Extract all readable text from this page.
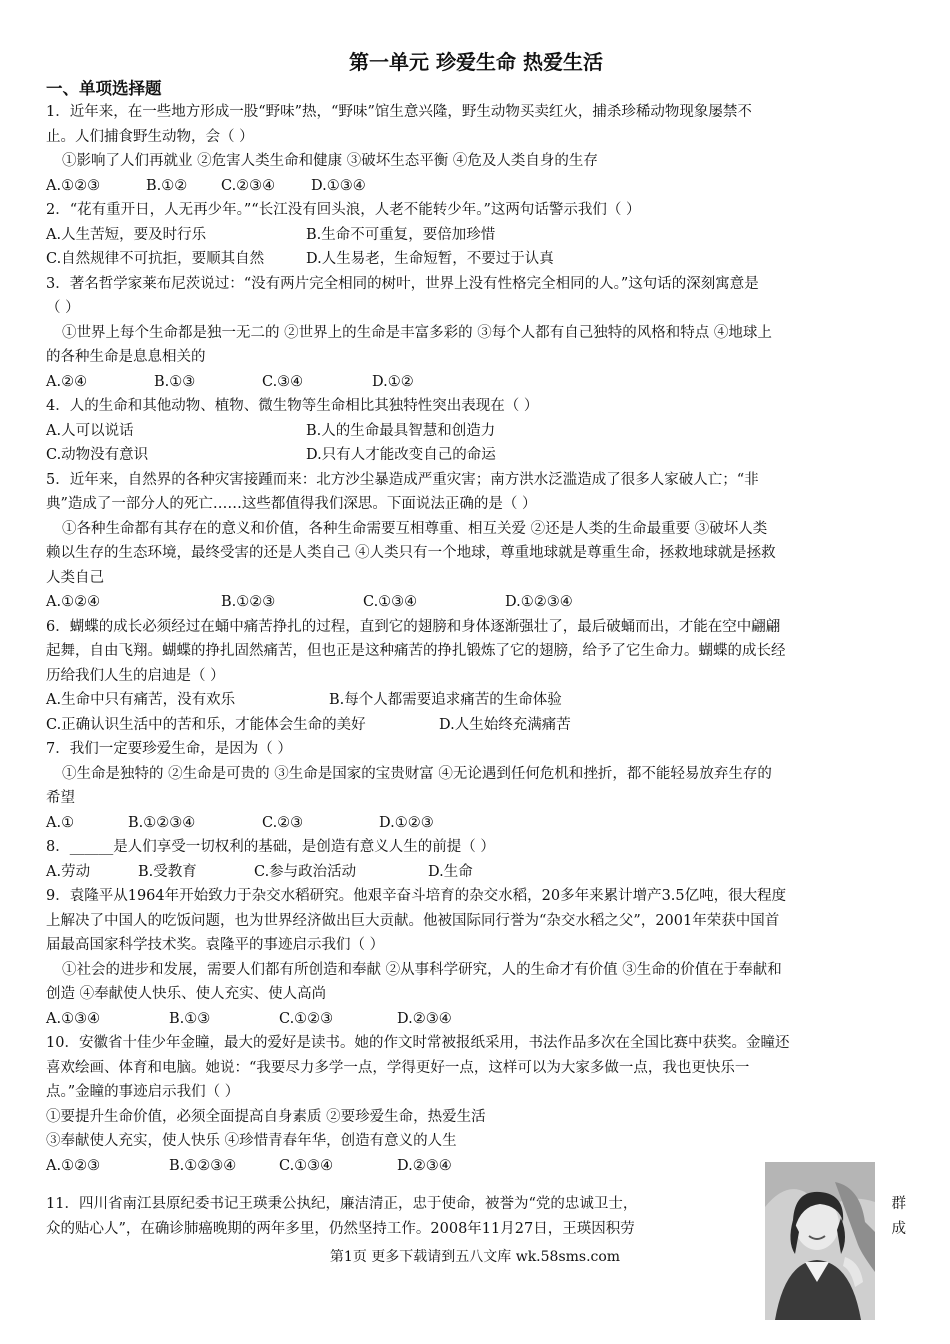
第一单元 珍爱生命 热爱生活
一、单项选择题
1．近年来，在一些地方形成一股“野味”热，“野味”馆生意兴隆，野生动物买卖红火，捕杀珍稀动物现象屡禁不
止。人们捕食野生动物，会（ ）
①影响了人们再就业 ②危害人类生命和健康 ③破坏生态平衡 ④危及人类自身的生存
A.①②③	B.①②	C.②③④	D.①③④
2．“花有重开日，人无再少年。”“长江没有回头浪，人老不能转少年。”这两句话警示我们（ ）
A.人生苦短，要及时行乐	B.生命不可重复，要倍加珍惜
C.自然规律不可抗拒，要顺其自然	D.人生易老，生命短暂，不要过于认真
3．著名哲学家莱布尼茨说过：“没有两片完全相同的树叶，世界上没有性格完全相同的人。”这句话的深刻寓意是
（ ）
①世界上每个生命都是独一无二的 ②世界上的生命是丰富多彩的 ③每个人都有自己独特的风格和特点 ④地球上
的各种生命是息息相关的
A.②④	B.①③	C.③④	D.①②
4．人的生命和其他动物、植物、微生物等生命相比其独特性突出表现在（ ）
A.人可以说话	B.人的生命最具智慧和创造力
C.动物没有意识	D.只有人才能改变自己的命运
5．近年来，自然界的各种灾害接踵而来：北方沙尘暴造成严重灾害；南方洪水泛滥造成了很多人家破人亡；“非
典”造成了一部分人的死亡……这些都值得我们深思。下面说法正确的是（ ）
①各种生命都有其存在的意义和价值，各种生命需要互相尊重、相互关爱 ②还是人类的生命最重要 ③破坏人类
赖以生存的生态环境，最终受害的还是人类自己 ④人类只有一个地球，尊重地球就是尊重生命，拯救地球就是拯救
人类自己
A.①②④	B.①②③	C.①③④	D.①②③④
6．蝴蝶的成长必须经过在蛹中痛苦挣扎的过程，直到它的翅膀和身体逐渐强壮了，最后破蛹而出，才能在空中翩翩
起舞，自由飞翔。蝴蝶的挣扎固然痛苦，但也正是这种痛苦的挣扎锻炼了它的翅膀，给予了它生命力。蝴蝶的成长经
历给我们人生的启迪是（ ）
A.生命中只有痛苦，没有欢乐	B.每个人都需要追求痛苦的生命体验
C.正确认识生活中的苦和乐，才能体会生命的美好	D.人生始终充满痛苦
7．我们一定要珍爱生命，是因为（ ）
①生命是独特的 ②生命是可贵的 ③生命是国家的宝贵财富 ④无论遇到任何危机和挫折，都不能轻易放弃生存的
希望
A.①	B.①②③④	C.②③	D.①②③
8．______是人们享受一切权利的基础，是创造有意义人生的前提（ ）
A.劳动	B.受教育	C.参与政治活动	D.生命
9．袁隆平从1964年开始致力于杂交水稻研究。他艰辛奋斗培育的杂交水稻，20多年来累计增产3.5亿吨，很大程度
上解决了中国人的吃饭问题，也为世界经济做出巨大贡献。他被国际同行誉为“杂交水稻之父”，2001年荣获中国首
届最高国家科学技术奖。袁隆平的事迹启示我们（ ）
①社会的进步和发展，需要人们都有所创造和奉献 ②从事科学研究，人的生命才有价值 ③生命的价值在于奉献和
创造 ④奉献使人快乐、使人充实、使人高尚
A.①③④	B.①③	C.①②③	D.②③④
10．安徽省十佳少年金瞳，最大的爱好是读书。她的作文时常被报纸采用，书法作品多次在全国比赛中获奖。金瞳还
喜欢绘画、体育和电脑。她说：“我要尽力多学一点，学得更好一点，这样可以为大家多做一点，我也更快乐一
点。”金瞳的事迹启示我们（ ）
①要提升生命价值，必须全面提高自身素质 ②要珍爱生命，热爱生活
③奉献使人充实，使人快乐 ④珍惜青春年华，创造有意义的人生
A.①②③	B.①②③④	C.①③④	D.②③④
11．四川省南江县原纪委书记王瑛秉公执纪，廉洁清正，忠于使命，被誉为“党的忠诚卫士，	群
众的贴心人”，在确诊肺癌晚期的两年多里，仍然坚持工作。2008年11月27日，王瑛因积劳	成
第1页 更多下载请到五八文库 wk.58sms.com
